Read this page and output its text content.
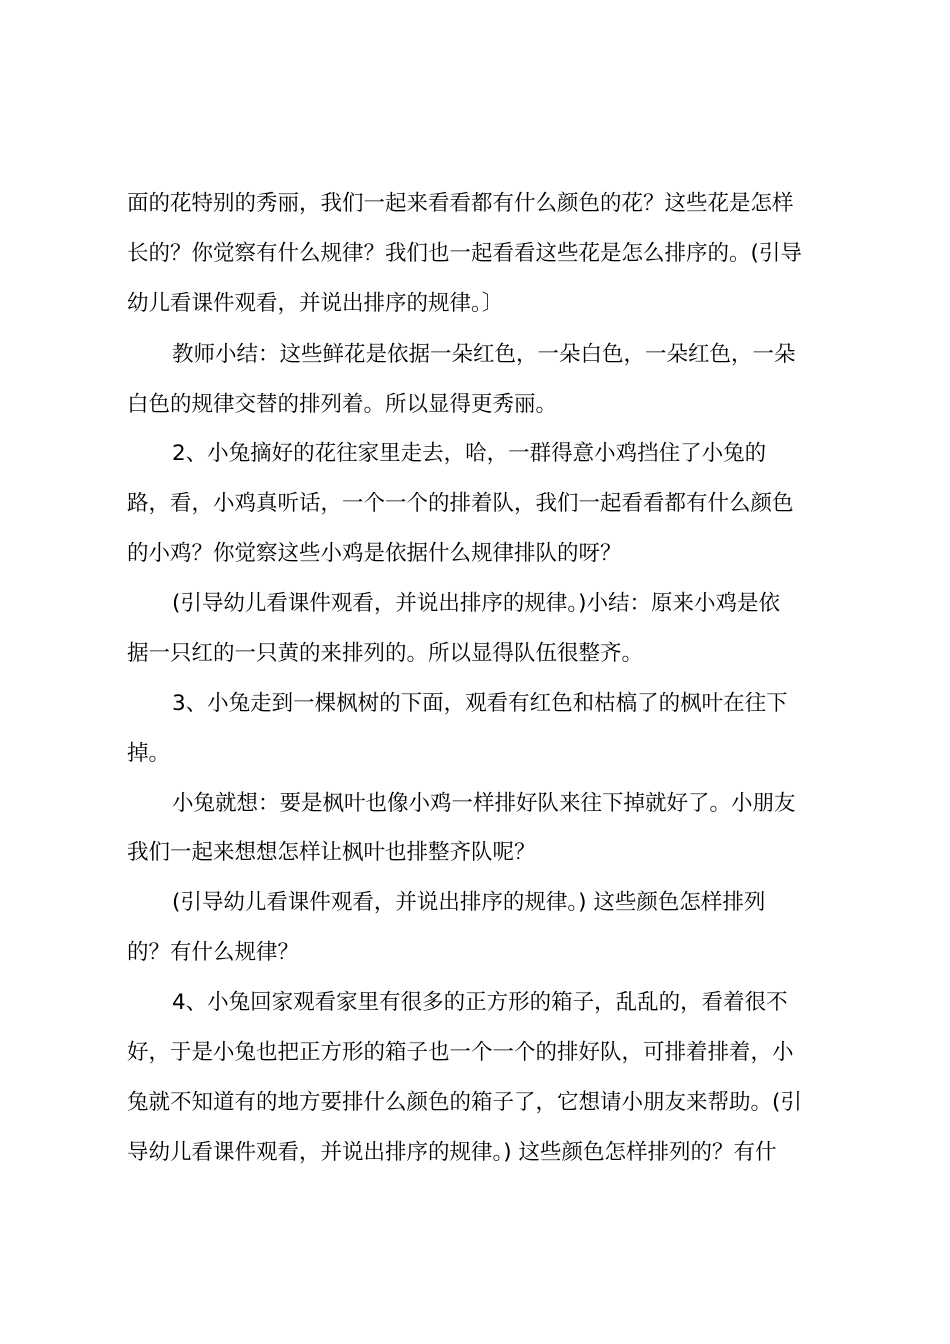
面的花特别的秀丽，我们一起来看看都有什么颜色的花？这些花是怎样
长的？你觉察有什么规律？我们也一起看看这些花是怎么排序的。(引导
幼儿看课件观看，并说出排序的规律。〕
教师小结：这些鲜花是依据一朵红色，一朵白色，一朵红色，一朵
白色的规律交替的排列着。所以显得更秀丽。
2、小兔摘好的花往家里走去，哈，一群得意小鸡挡住了小兔的
路，看，小鸡真听话，一个一个的排着队，我们一起看看都有什么颜色
的小鸡？你觉察这些小鸡是依据什么规律排队的呀？
(引导幼儿看课件观看，并说出排序的规律。)小结：原来小鸡是依
据一只红的一只黄的来排列的。所以显得队伍很整齐。
3、小兔走到一棵枫树的下面，观看有红色和枯槁了的枫叶在往下
掉。
小兔就想：要是枫叶也像小鸡一样排好队来往下掉就好了。小朋友
我们一起来想想怎样让枫叶也排整齐队呢？
(引导幼儿看课件观看，并说出排序的规律。) 这些颜色怎样排列
的？有什么规律？
4、小兔回家观看家里有很多的正方形的箱子，乱乱的，看着很不
好，于是小兔也把正方形的箱子也一个一个的排好队，可排着排着，小
兔就不知道有的地方要排什么颜色的箱子了，它想请小朋友来帮助。(引
导幼儿看课件观看，并说出排序的规律。) 这些颜色怎样排列的？有什
